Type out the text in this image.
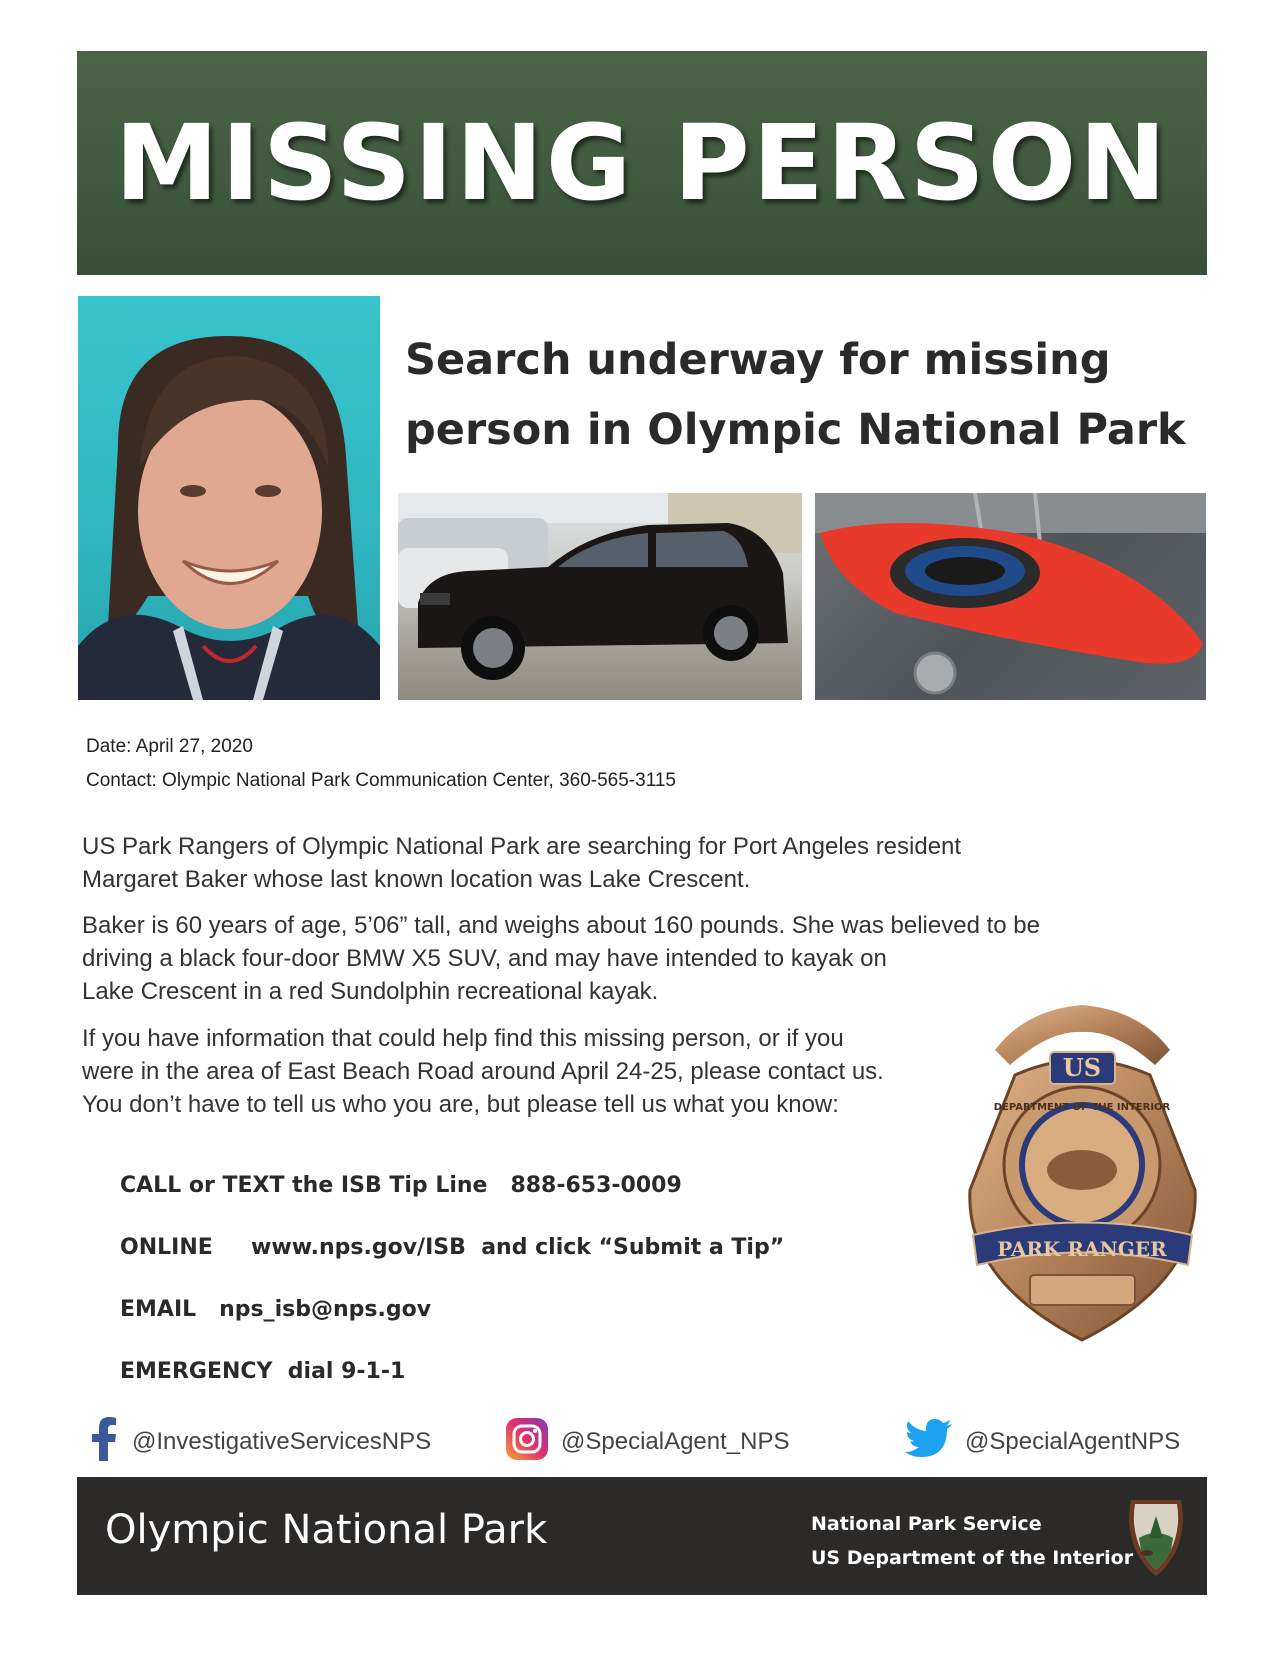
MISSING PERSON
Search underway for missing
person in Olympic National Park
Date: April 27, 2020
Contact: Olympic National Park Communication Center, 360-565-3115

US Park Rangers of Olympic National Park are searching for Port Angeles resident
Margaret Baker whose last known location was Lake Crescent.

Baker is 60 years of age, 5’06” tall, and weighs about 160 pounds. She was believed to be
driving a black four-door BMW X5 SUV, and may have intended to kayak on
Lake Crescent in a red Sundolphin recreational kayak.

If you have information that could help find this missing person, or if you
were in the area of East Beach Road around April 24-25, please contact us.
You don’t have to tell us who you are, but please tell us what you know:

CALL or TEXT the ISB Tip Line   888-653-0009
ONLINE     www.nps.gov/ISB  and click “Submit a Tip”
EMAIL   nps_isb@nps.gov
EMERGENCY  dial 9-1-1
US
DEPARTMENT OF THE INTERIOR
PARK RANGER
@InvestigativeServicesNPS	@SpecialAgent_NPS	@SpecialAgentNPS
Olympic National Park	National Park Service
US Department of the Interior
